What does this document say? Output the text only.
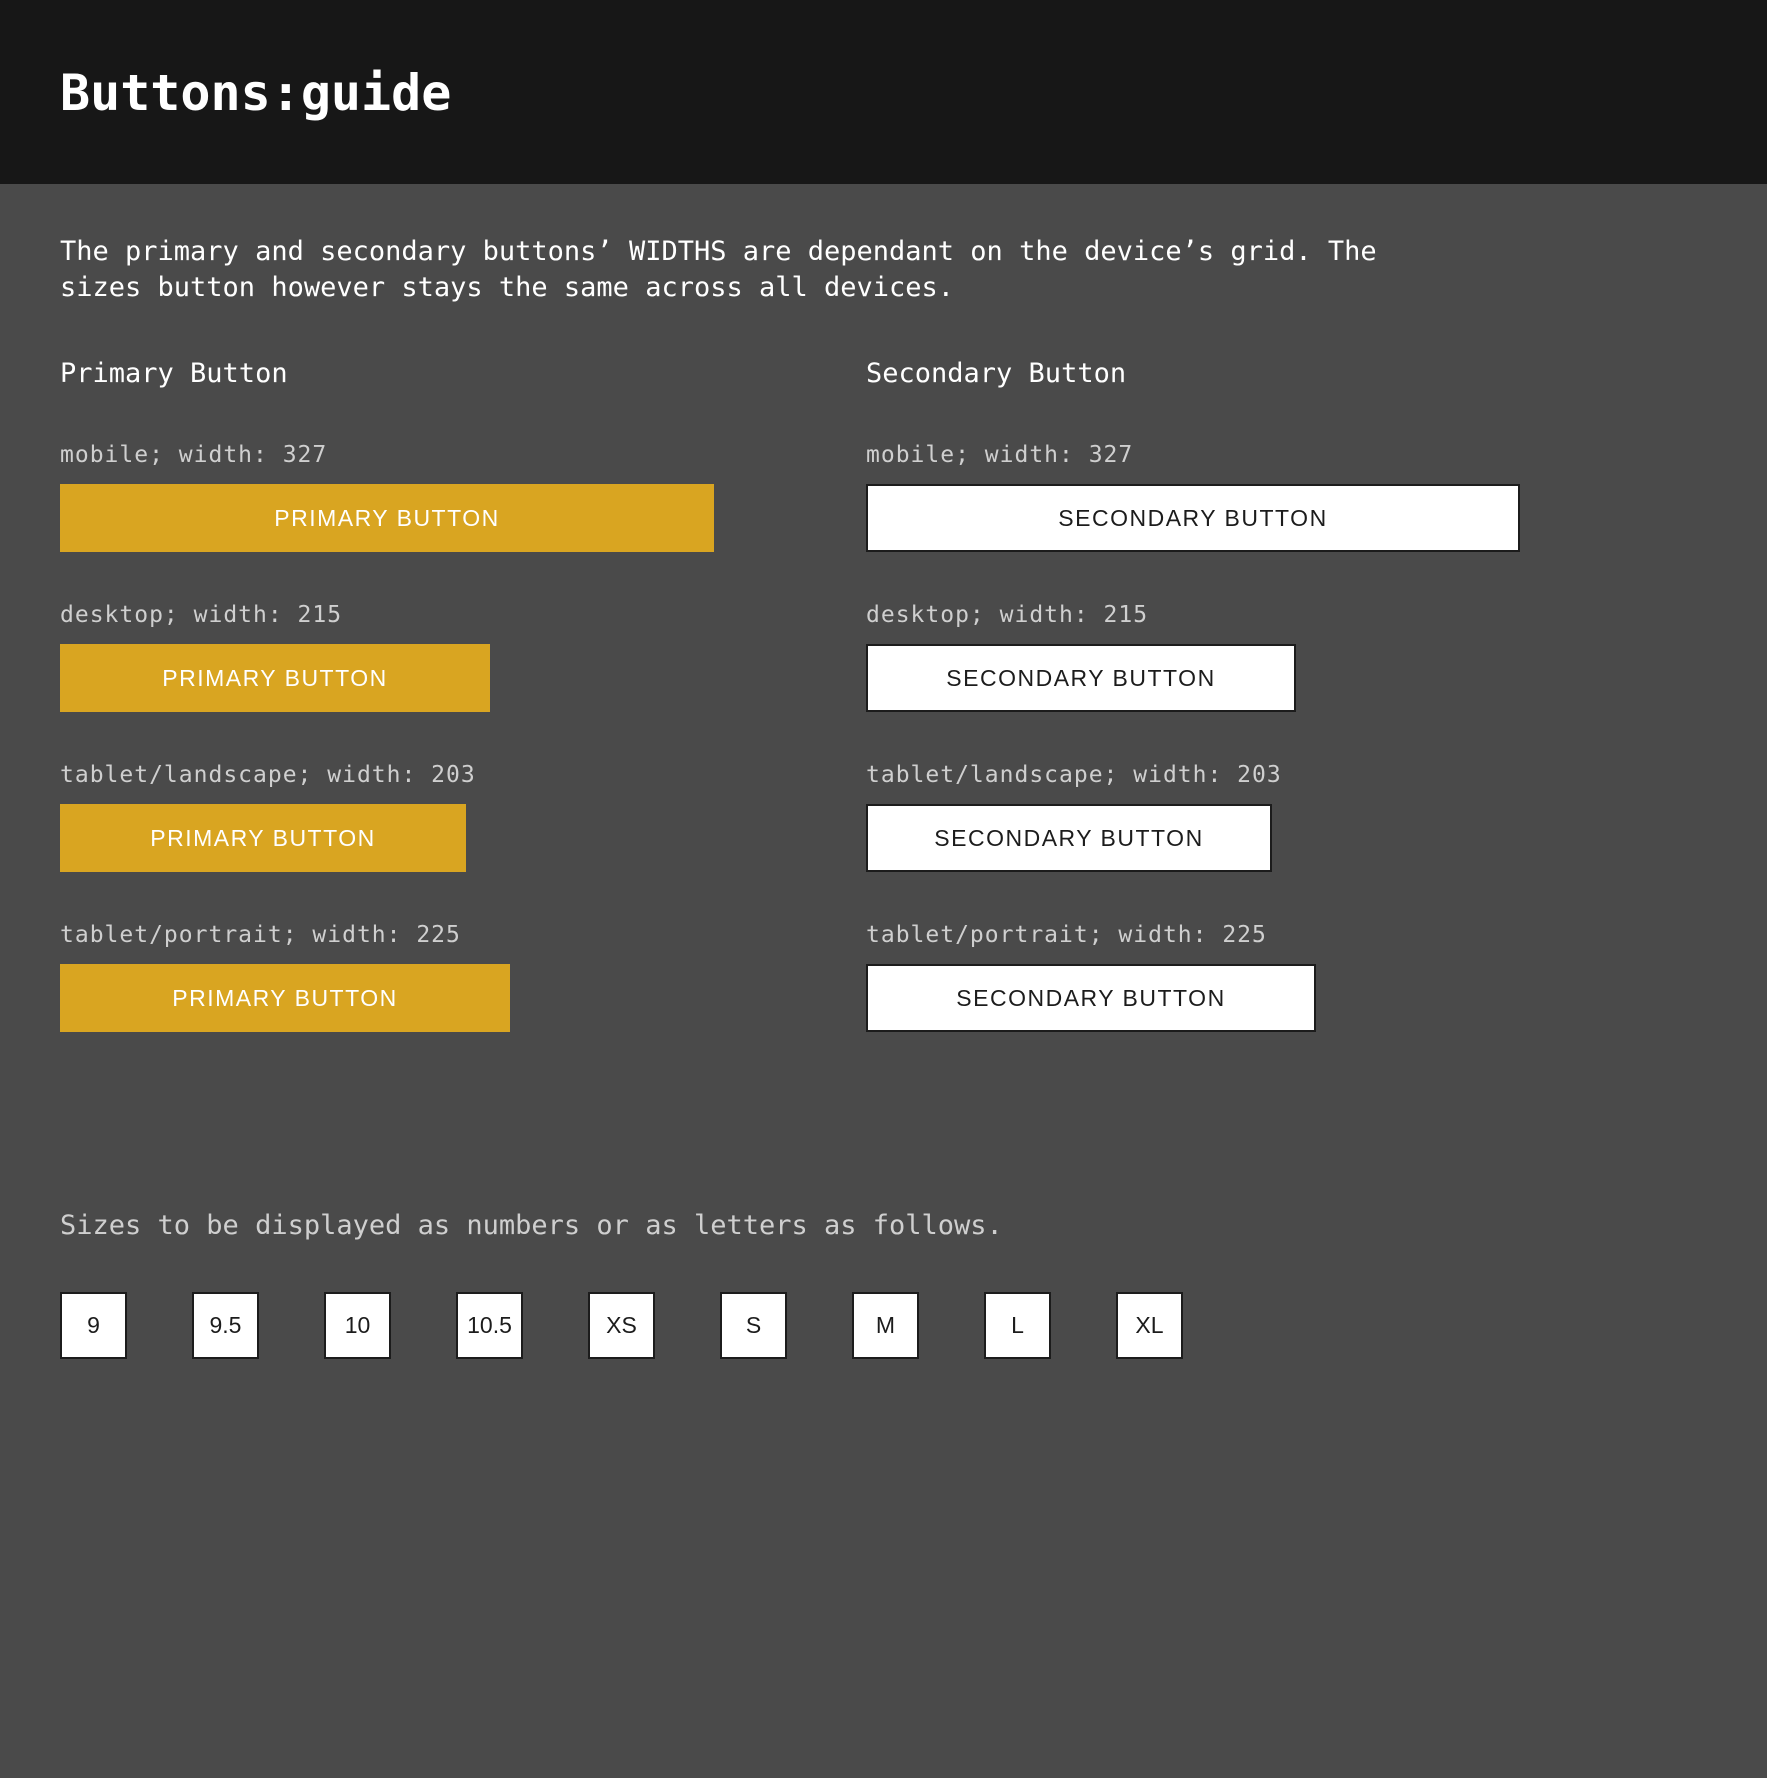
Buttons:guide

The primary and secondary buttons’ WIDTHS are dependant on the device’s grid. The
sizes button however stays the same across all devices.

Primary Button
mobile; width: 327
PRIMARY BUTTON
desktop; width: 215
PRIMARY BUTTON
tablet/landscape; width: 203
PRIMARY BUTTON
tablet/portrait; width: 225
PRIMARY BUTTON
Secondary Button
mobile; width: 327
SECONDARY BUTTON
desktop; width: 215
SECONDARY BUTTON
tablet/landscape; width: 203
SECONDARY BUTTON
tablet/portrait; width: 225
SECONDARY BUTTON

Sizes to be displayed as numbers or as letters as follows.

9	9.5	10	10.5	XS	S	M	L	XL
